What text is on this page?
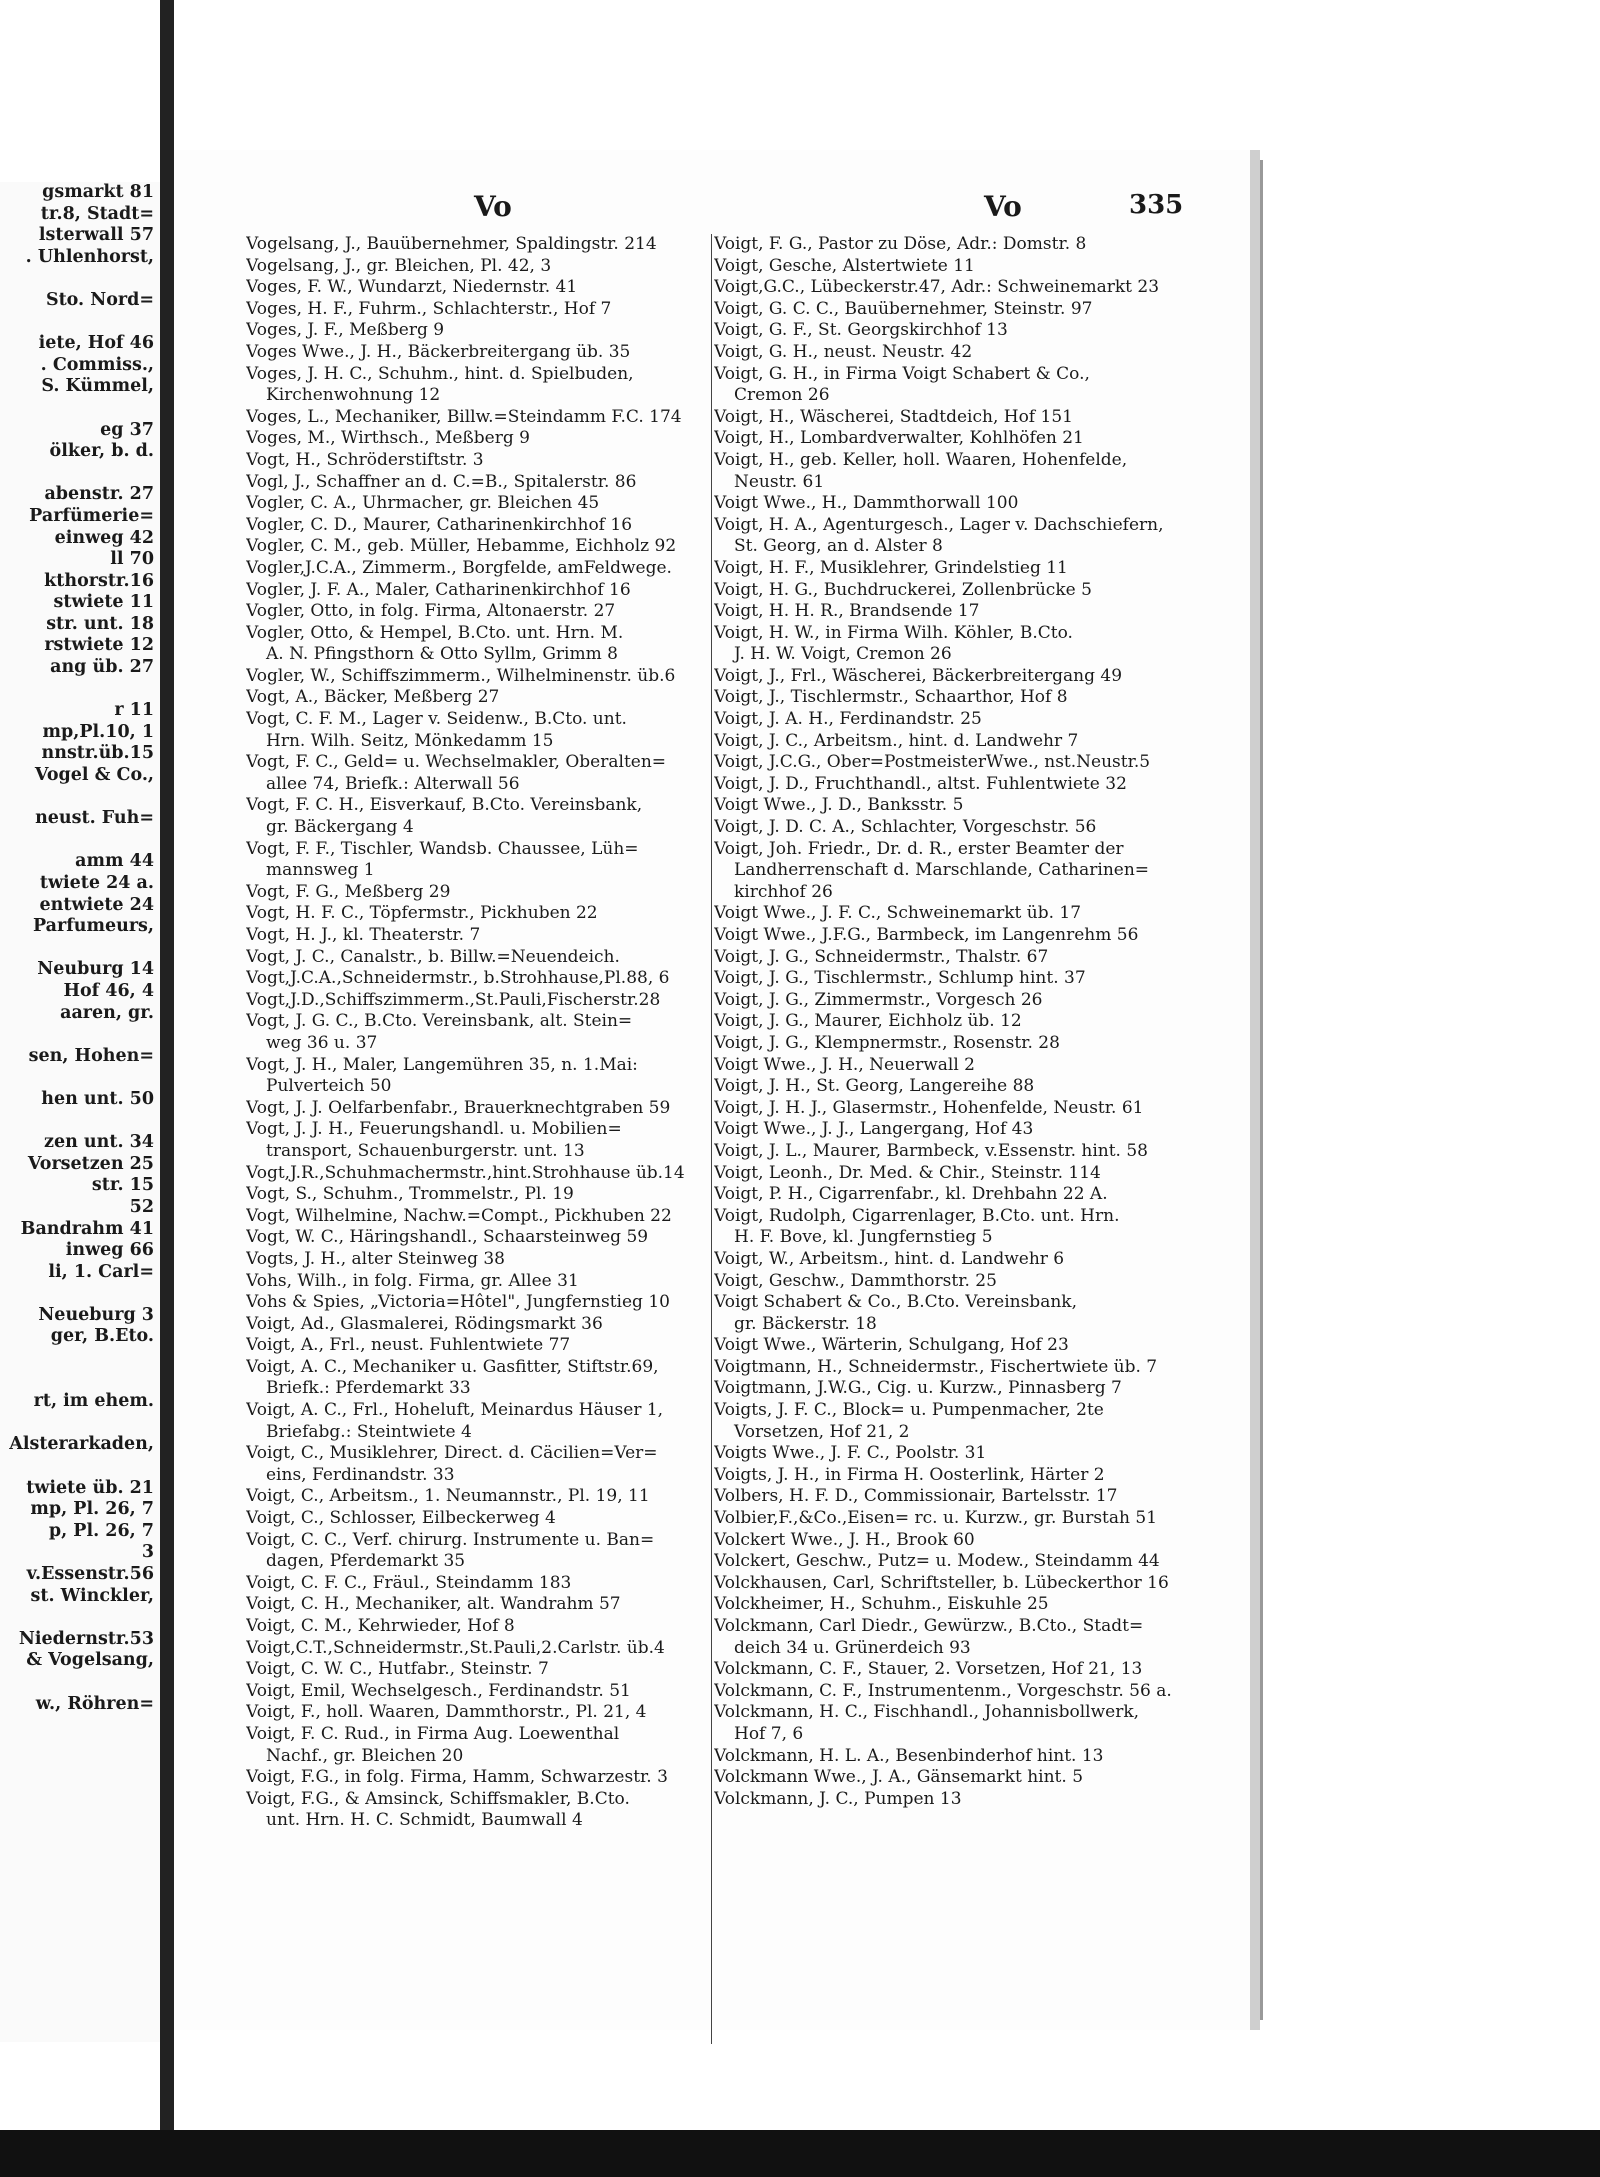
gsmarkt 81
tr.8, Stadt=
lsterwall 57
. Uhlenhorst,

Sto. Nord=

iete, Hof 46
. Commiss.,
S. Kümmel,

eg 37
ölker, b. d.

abenstr. 27
Parfümerie=
einweg 42
ll 70
kthorstr.16
stwiete 11
str. unt. 18
rstwiete 12
ang üb. 27

r 11
mp,Pl.10, 1
nnstr.üb.15
Vogel & Co.,

neust. Fuh=

amm 44
twiete 24 a.
entwiete 24
Parfumeurs,

Neuburg 14
Hof 46, 4
aaren, gr.

sen, Hohen=

hen unt. 50

zen unt. 34
Vorsetzen 25
str. 15
52
Bandrahm 41
inweg 66
li, 1. Carl=

Neueburg 3
ger, B.Eto.

rt, im ehem.

Alsterarkaden,

twiete üb. 21
mp, Pl. 26, 7
p, Pl. 26, 7
3
v.Essenstr.56
st. Winckler,

Niedernstr.53
& Vogelsang,

w., Röhren=
Vo	Vo	335
Vogelsang, J., Bauübernehmer, Spaldingstr. 214
Vogelsang, J., gr. Bleichen, Pl. 42, 3
Voges, F. W., Wundarzt, Niedernstr. 41
Voges, H. F., Fuhrm., Schlachterstr., Hof 7
Voges, J. F., Meßberg 9
Voges Wwe., J. H., Bäckerbreitergang üb. 35
Voges, J. H. C., Schuhm., hint. d. Spielbuden,
Kirchenwohnung 12
Voges, L., Mechaniker, Billw.=Steindamm F.C. 174
Voges, M., Wirthsch., Meßberg 9
Vogt, H., Schröderstiftstr. 3
Vogl, J., Schaffner an d. C.=B., Spitalerstr. 86
Vogler, C. A., Uhrmacher, gr. Bleichen 45
Vogler, C. D., Maurer, Catharinenkirchhof 16
Vogler, C. M., geb. Müller, Hebamme, Eichholz 92
Vogler,J.C.A., Zimmerm., Borgfelde, amFeldwege.
Vogler, J. F. A., Maler, Catharinenkirchhof 16
Vogler, Otto, in folg. Firma, Altonaerstr. 27
Vogler, Otto, & Hempel, B.Cto. unt. Hrn. M.
A. N. Pfingsthorn & Otto Syllm, Grimm 8
Vogler, W., Schiffszimmerm., Wilhelminenstr. üb.6
Vogt, A., Bäcker, Meßberg 27
Vogt, C. F. M., Lager v. Seidenw., B.Cto. unt.
Hrn. Wilh. Seitz, Mönkedamm 15
Vogt, F. C., Geld= u. Wechselmakler, Oberalten=
allee 74, Briefk.: Alterwall 56
Vogt, F. C. H., Eisverkauf, B.Cto. Vereinsbank,
gr. Bäckergang 4
Vogt, F. F., Tischler, Wandsb. Chaussee, Lüh=
mannsweg 1
Vogt, F. G., Meßberg 29
Vogt, H. F. C., Töpfermstr., Pickhuben 22
Vogt, H. J., kl. Theaterstr. 7
Vogt, J. C., Canalstr., b. Billw.=Neuendeich.
Vogt,J.C.A.,Schneidermstr., b.Strohhause,Pl.88, 6
Vogt,J.D.,Schiffszimmerm.,St.Pauli,Fischerstr.28
Vogt, J. G. C., B.Cto. Vereinsbank, alt. Stein=
weg 36 u. 37
Vogt, J. H., Maler, Langemühren 35, n. 1.Mai:
Pulverteich 50
Vogt, J. J. Oelfarbenfabr., Brauerknechtgraben 59
Vogt, J. J. H., Feuerungshandl. u. Mobilien=
transport, Schauenburgerstr. unt. 13
Vogt,J.R.,Schuhmachermstr.,hint.Strohhause üb.14
Vogt, S., Schuhm., Trommelstr., Pl. 19
Vogt, Wilhelmine, Nachw.=Compt., Pickhuben 22
Vogt, W. C., Häringshandl., Schaarsteinweg 59
Vogts, J. H., alter Steinweg 38
Vohs, Wilh., in folg. Firma, gr. Allee 31
Vohs & Spies, „Victoria=Hôtel", Jungfernstieg 10
Voigt, Ad., Glasmalerei, Rödingsmarkt 36
Voigt, A., Frl., neust. Fuhlentwiete 77
Voigt, A. C., Mechaniker u. Gasfitter, Stiftstr.69,
Briefk.: Pferdemarkt 33
Voigt, A. C., Frl., Hoheluft, Meinardus Häuser 1,
Briefabg.: Steintwiete 4
Voigt, C., Musiklehrer, Direct. d. Cäcilien=Ver=
eins, Ferdinandstr. 33
Voigt, C., Arbeitsm., 1. Neumannstr., Pl. 19, 11
Voigt, C., Schlosser, Eilbeckerweg 4
Voigt, C. C., Verf. chirurg. Instrumente u. Ban=
dagen, Pferdemarkt 35
Voigt, C. F. C., Fräul., Steindamm 183
Voigt, C. H., Mechaniker, alt. Wandrahm 57
Voigt, C. M., Kehrwieder, Hof 8
Voigt,C.T.,Schneidermstr.,St.Pauli,2.Carlstr. üb.4
Voigt, C. W. C., Hutfabr., Steinstr. 7
Voigt, Emil, Wechselgesch., Ferdinandstr. 51
Voigt, F., holl. Waaren, Dammthorstr., Pl. 21, 4
Voigt, F. C. Rud., in Firma Aug. Loewenthal
Nachf., gr. Bleichen 20
Voigt, F.G., in folg. Firma, Hamm, Schwarzestr. 3
Voigt, F.G., & Amsinck, Schiffsmakler, B.Cto.
unt. Hrn. H. C. Schmidt, Baumwall 4
Voigt, F. G., Pastor zu Döse, Adr.: Domstr. 8
Voigt, Gesche, Alstertwiete 11
Voigt,G.C., Lübeckerstr.47, Adr.: Schweinemarkt 23
Voigt, G. C. C., Bauübernehmer, Steinstr. 97
Voigt, G. F., St. Georgskirchhof 13
Voigt, G. H., neust. Neustr. 42
Voigt, G. H., in Firma Voigt Schabert & Co.,
Cremon 26
Voigt, H., Wäscherei, Stadtdeich, Hof 151
Voigt, H., Lombardverwalter, Kohlhöfen 21
Voigt, H., geb. Keller, holl. Waaren, Hohenfelde,
Neustr. 61
Voigt Wwe., H., Dammthorwall 100
Voigt, H. A., Agenturgesch., Lager v. Dachschiefern,
St. Georg, an d. Alster 8
Voigt, H. F., Musiklehrer, Grindelstieg 11
Voigt, H. G., Buchdruckerei, Zollenbrücke 5
Voigt, H. H. R., Brandsende 17
Voigt, H. W., in Firma Wilh. Köhler, B.Cto.
J. H. W. Voigt, Cremon 26
Voigt, J., Frl., Wäscherei, Bäckerbreitergang 49
Voigt, J., Tischlermstr., Schaarthor, Hof 8
Voigt, J. A. H., Ferdinandstr. 25
Voigt, J. C., Arbeitsm., hint. d. Landwehr 7
Voigt, J.C.G., Ober=PostmeisterWwe., nst.Neustr.5
Voigt, J. D., Fruchthandl., altst. Fuhlentwiete 32
Voigt Wwe., J. D., Banksstr. 5
Voigt, J. D. C. A., Schlachter, Vorgeschstr. 56
Voigt, Joh. Friedr., Dr. d. R., erster Beamter der
Landherrenschaft d. Marschlande, Catharinen=
kirchhof 26
Voigt Wwe., J. F. C., Schweinemarkt üb. 17
Voigt Wwe., J.F.G., Barmbeck, im Langenrehm 56
Voigt, J. G., Schneidermstr., Thalstr. 67
Voigt, J. G., Tischlermstr., Schlump hint. 37
Voigt, J. G., Zimmermstr., Vorgesch 26
Voigt, J. G., Maurer, Eichholz üb. 12
Voigt, J. G., Klempnermstr., Rosenstr. 28
Voigt Wwe., J. H., Neuerwall 2
Voigt, J. H., St. Georg, Langereihe 88
Voigt, J. H. J., Glasermstr., Hohenfelde, Neustr. 61
Voigt Wwe., J. J., Langergang, Hof 43
Voigt, J. L., Maurer, Barmbeck, v.Essenstr. hint. 58
Voigt, Leonh., Dr. Med. & Chir., Steinstr. 114
Voigt, P. H., Cigarrenfabr., kl. Drehbahn 22 A.
Voigt, Rudolph, Cigarrenlager, B.Cto. unt. Hrn.
H. F. Bove, kl. Jungfernstieg 5
Voigt, W., Arbeitsm., hint. d. Landwehr 6
Voigt, Geschw., Dammthorstr. 25
Voigt Schabert & Co., B.Cto. Vereinsbank,
gr. Bäckerstr. 18
Voigt Wwe., Wärterin, Schulgang, Hof 23
Voigtmann, H., Schneidermstr., Fischertwiete üb. 7
Voigtmann, J.W.G., Cig. u. Kurzw., Pinnasberg 7
Voigts, J. F. C., Block= u. Pumpenmacher, 2te
Vorsetzen, Hof 21, 2
Voigts Wwe., J. F. C., Poolstr. 31
Voigts, J. H., in Firma H. Oosterlink, Härter 2
Volbers, H. F. D., Commissionair, Bartelsstr. 17
Volbier,F.,&Co.,Eisen= rc. u. Kurzw., gr. Burstah 51
Volckert Wwe., J. H., Brook 60
Volckert, Geschw., Putz= u. Modew., Steindamm 44
Volckhausen, Carl, Schriftsteller, b. Lübeckerthor 16
Volckheimer, H., Schuhm., Eiskuhle 25
Volckmann, Carl Diedr., Gewürzw., B.Cto., Stadt=
deich 34 u. Grünerdeich 93
Volckmann, C. F., Stauer, 2. Vorsetzen, Hof 21, 13
Volckmann, C. F., Instrumentenm., Vorgeschstr. 56 a.
Volckmann, H. C., Fischhandl., Johannisbollwerk,
Hof 7, 6
Volckmann, H. L. A., Besenbinderhof hint. 13
Volckmann Wwe., J. A., Gänsemarkt hint. 5
Volckmann, J. C., Pumpen 13
